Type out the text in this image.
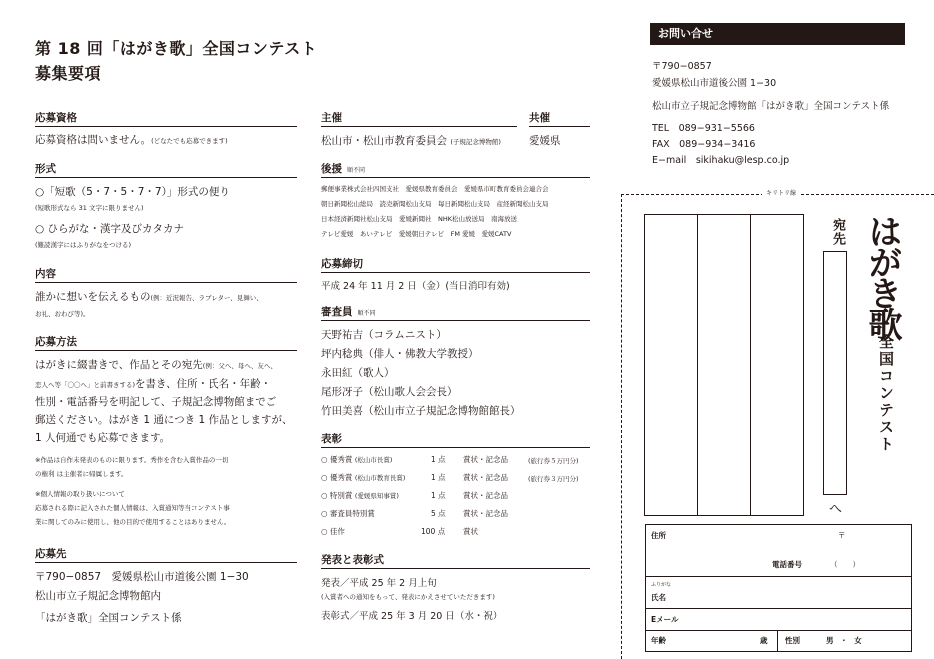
第 18 回「はがき歌」全国コンテスト
募集要項
応募資格
応募資格は問いません。(どなたでも応募できます)
形式
○「短歌（5・7・5・7・7）」形式の便り
(短歌形式なら 31 文字に限りません)
○ ひらがな・漢字及びカタカナ
(難読漢字にはふりがなをつける)
内容
誰かに想いを伝えるもの(例：近況報告、ラブレター、見舞い、
お礼、おわび等)。
応募方法
はがきに綴書きで、作品とその宛先(例：父へ、母へ、友へ、
恋人へ等「〇〇へ」と前書きする)を書き、住所・氏名・年齢・
性別・電話番号を明記して、子規記念博物館までご
郵送ください。はがき 1 通につき 1 作品としますが、
1 人何通でも応募できます。
※作品は自作未発表のものに限ります。秀作を含む入賞作品の一切
の権利 は主催者に帰属します。
※個人情報の取り扱いについて
応募される際に記入された個人情報は、入賞通知等当コンテスト事
業に関してのみに使用し、他の目的で使用することはありません。
応募先
〒790−0857　愛媛県松山市道後公園 1−30
松山市立子規記念博物館内
「はがき歌」全国コンテスト係
主催	共催
松山市・松山市教育委員会 (子規記念博物館)	愛媛県
後援 順不同
郵便事業株式会社四国支社　愛媛県教育委員会　愛媛県市町教育委員会連合会
朝日新聞松山総局　読売新聞松山支局　毎日新聞松山支局　産経新聞松山支局
日本経済新聞社松山支局　愛媛新聞社　NHK松山放送局　南海放送
テレビ愛媛　あいテレビ　愛媛朝日テレビ　FM 愛媛　愛媛CATV
応募締切
平成 24 年 11 月 2 日（金）(当日消印有効)
審査員 順不同
天野祐吉（コラムニスト）
坪内稔典（俳人・佛教大学教授）
永田紅（歌人）
尾形冴子（松山歌人会会長）
竹田美喜（松山市立子規記念博物館館長）
表彰
○ 優秀賞 (松山市長賞)	1 点 賞状・記念品	(旅行券５万円分)
○ 優秀賞 (松山市教育長賞)	1 点 賞状・記念品	(旅行券３万円分)
○ 特別賞 (愛媛県知事賞)	1 点 賞状・記念品
○ 審査員特別賞	5 点 賞状・記念品
○ 佳作	100 点 賞状
発表と表彰式
発表／平成 25 年 2 月上旬
(入賞者への通知をもって、発表にかえさせていただきます)
表彰式／平成 25 年 3 月 20 日（水・祝）
お問い合せ
〒790−0857
愛媛県松山市道後公園 1−30
松山市立子規記念博物館「はがき歌」全国コンテスト係
TEL　089−931−5566
FAX　089−934−3416
E−mail　sikihaku@lesp.co.jp
キリトリ線
宛先
へ
はがき歌
全国コンテスト
住所	〒
電話番号	（　　）
ふりがな
氏名
Eメール
年齢	歳 性別	男 ・ 女
